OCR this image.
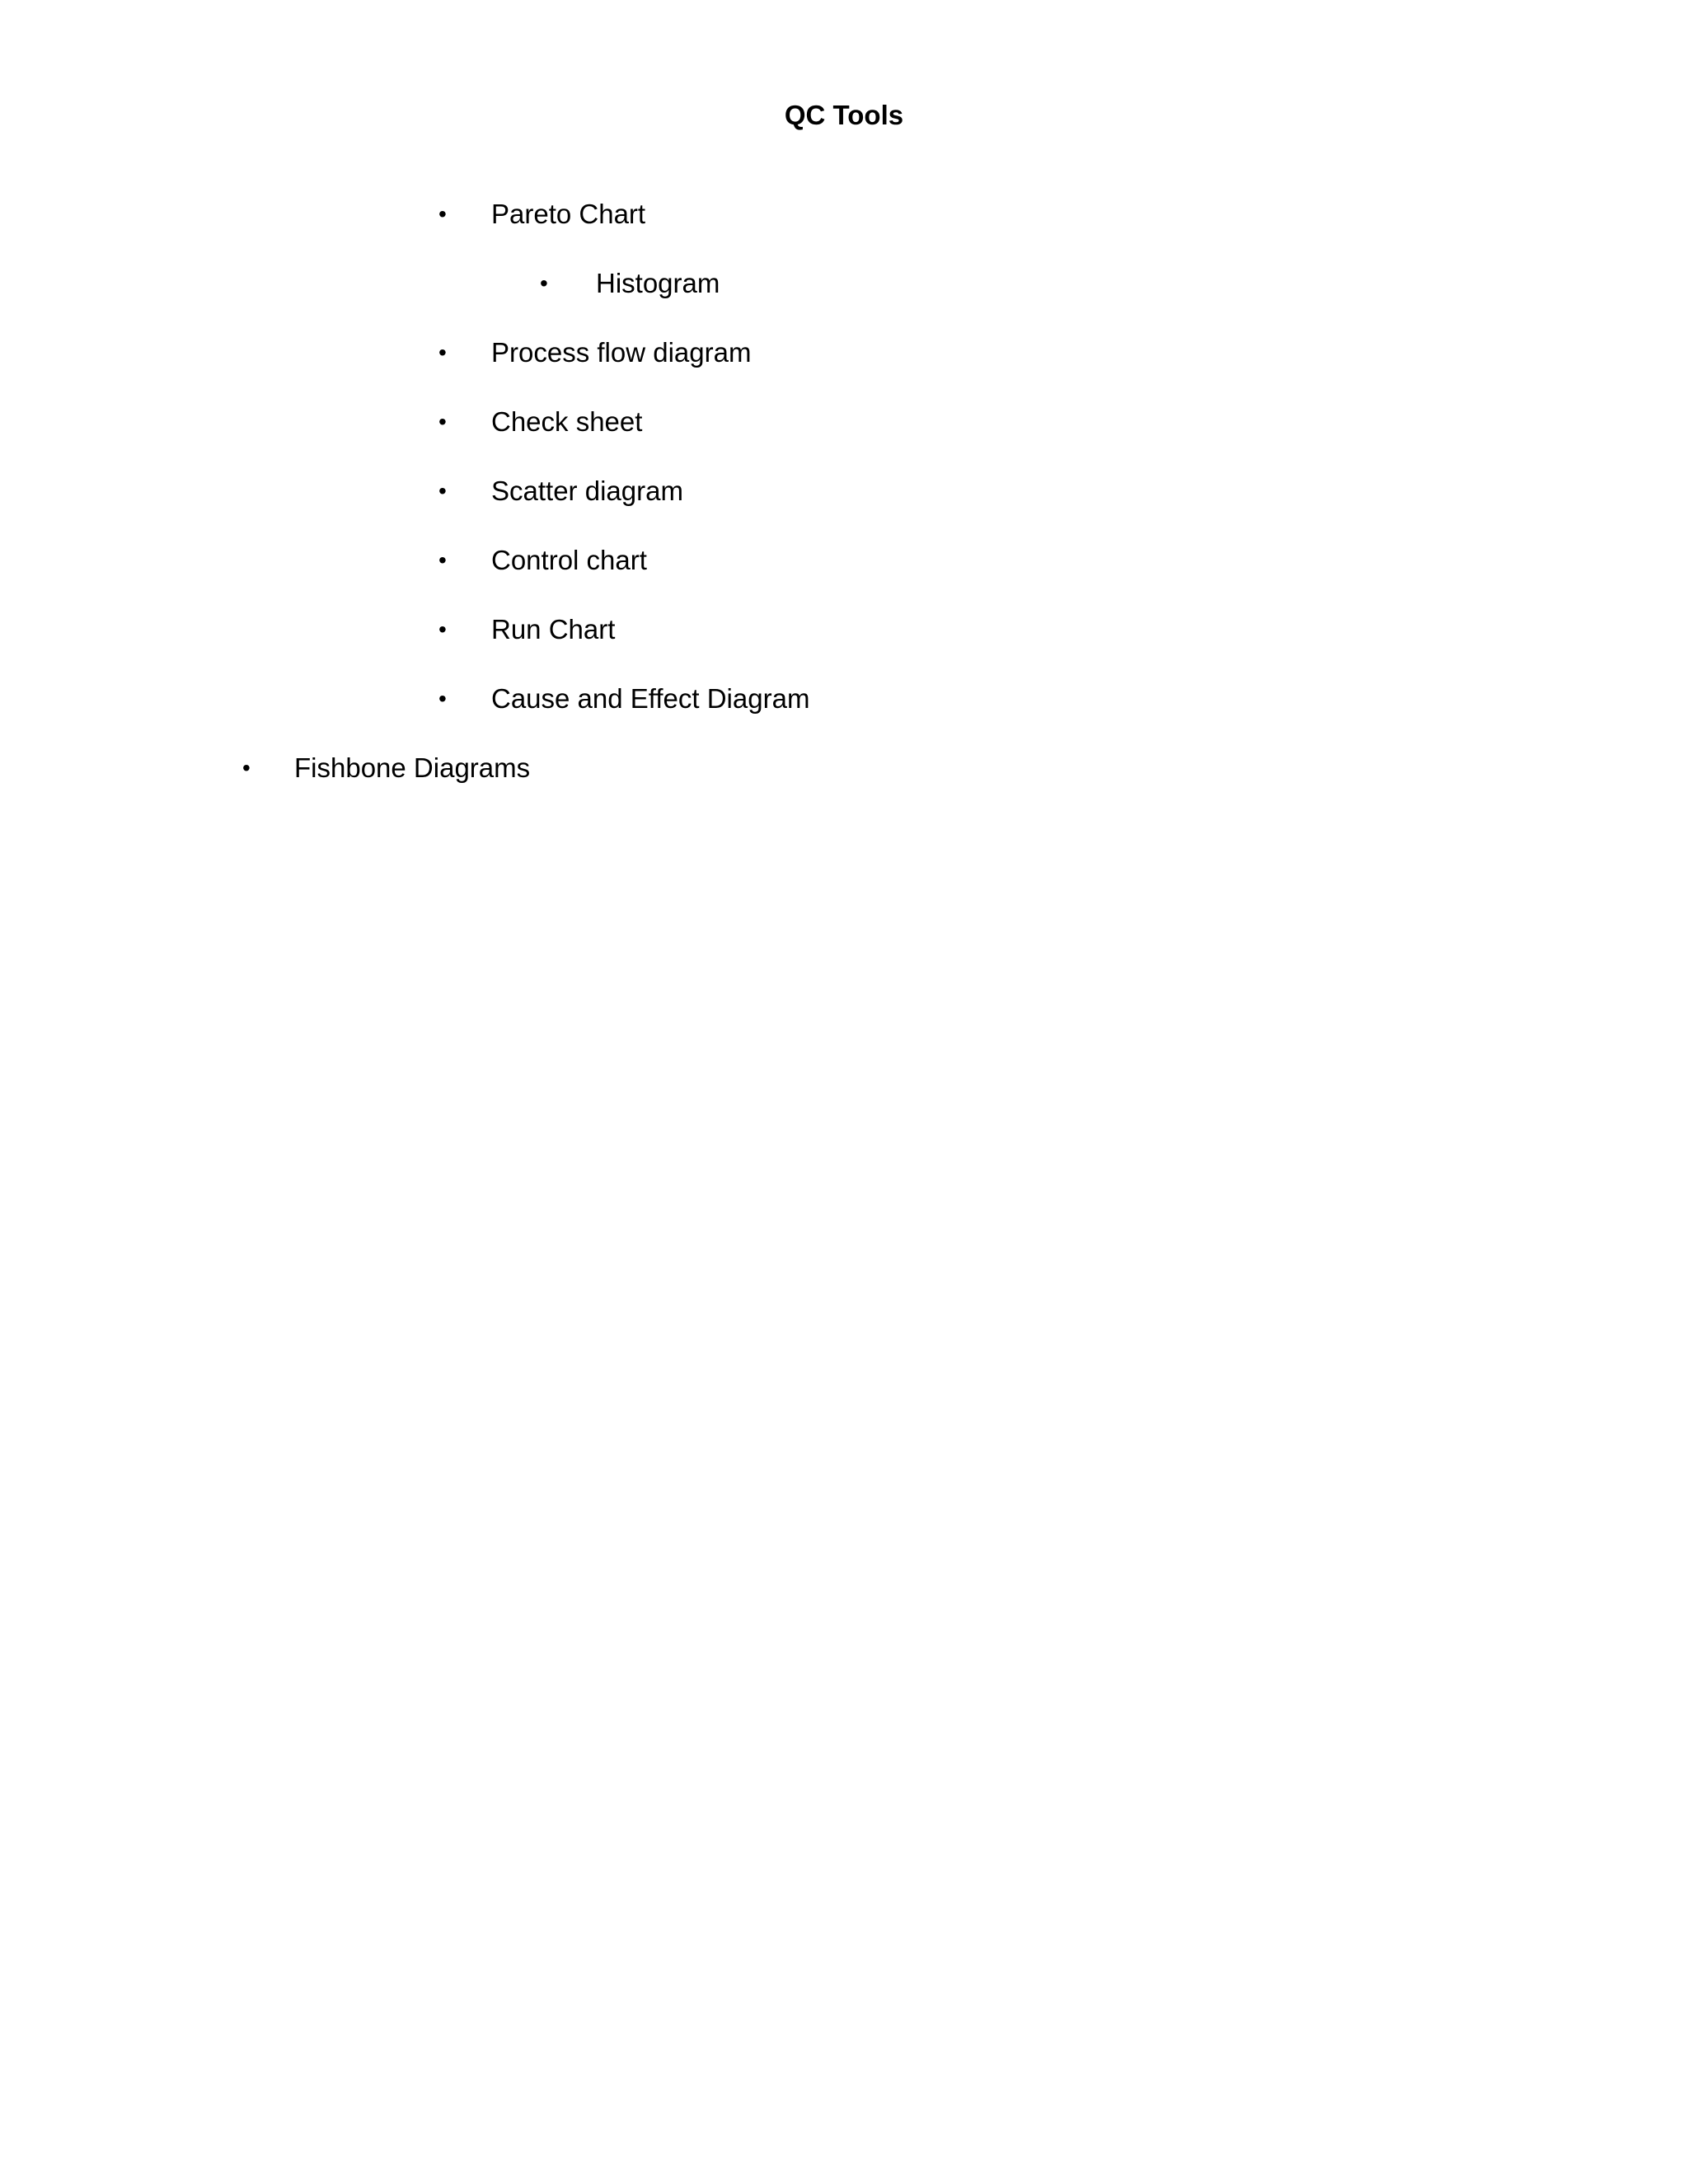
QC Tools
•	Pareto Chart
•	Histogram
•	Process flow diagram
•	Check sheet
•	Scatter diagram
•	Control chart
•	Run Chart
•	Cause and Effect Diagram
•	Fishbone Diagrams
